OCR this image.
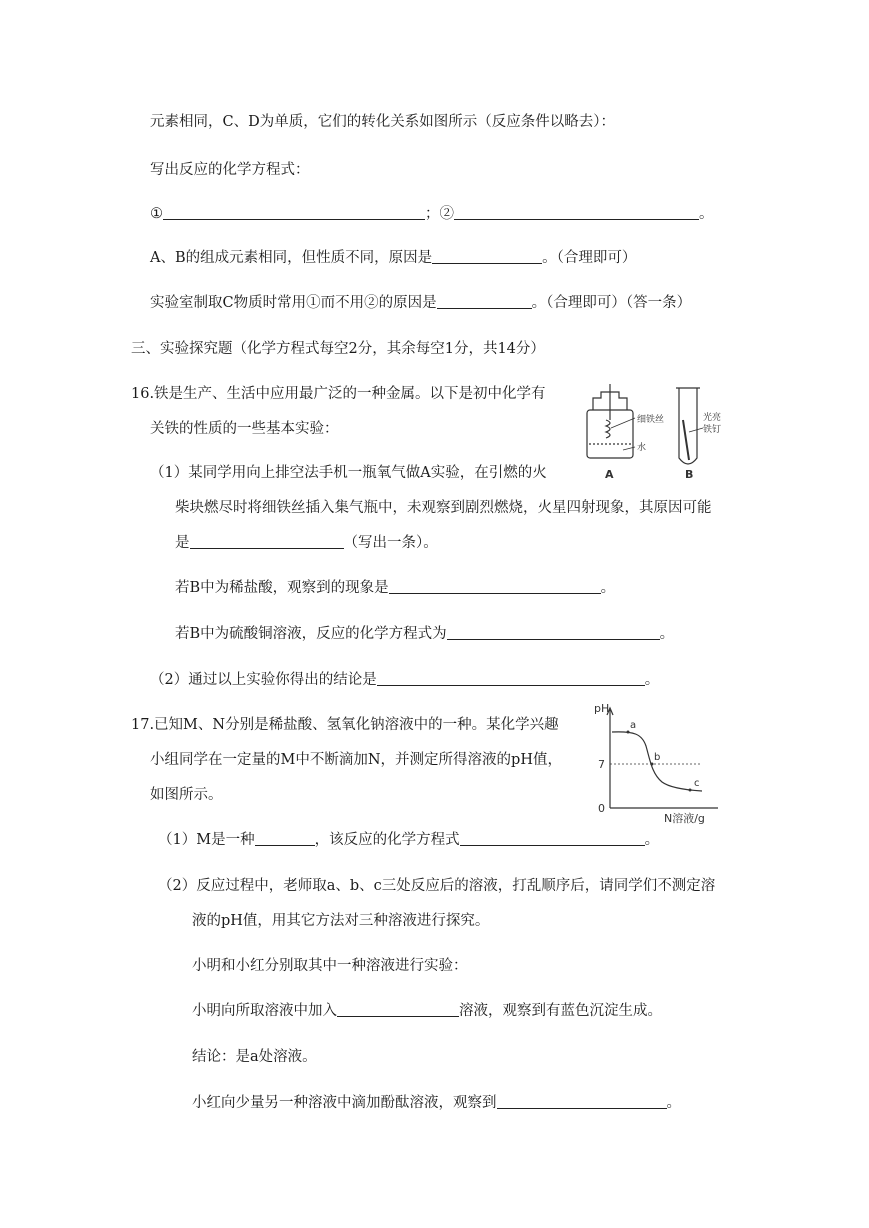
元素相同，C、D为单质，它们的转化关系如图所示（反应条件以略去）：
写出反应的化学方程式：
①	；②	。
A、B的组成元素相同，但性质不同，原因是	。（合理即可）
实验室制取C物质时常用①而不用②的原因是	。（合理即可）（答一条）
三、实验探究题（化学方程式每空2分，其余每空1分，共14分）
16.铁是生产、生活中应用最广泛的一种金属。以下是初中化学有
关铁的性质的一些基本实验：
（1）某同学用向上排空法手机一瓶氧气做A实验，在引燃的火
柴块燃尽时将细铁丝插入集气瓶中，未观察到剧烈燃烧，火星四射现象，其原因可能
是	（写出一条）。
若B中为稀盐酸，观察到的现象是	。
若B中为硫酸铜溶液，反应的化学方程式为	。
（2）通过以上实验你得出的结论是	。
细铁丝
水
A
光亮
铁钉
B
17.已知M、N分别是稀盐酸、氢氧化钠溶液中的一种。某化学兴趣
小组同学在一定量的M中不断滴加N，并测定所得溶液的pH值，
如图所示。
（1）M是一种	，该反应的化学方程式	。
（2）反应过程中，老师取a、b、c三处反应后的溶液，打乱顺序后，请同学们不测定溶
液的pH值，用其它方法对三种溶液进行探究。
小明和小红分别取其中一种溶液进行实验：
小明向所取溶液中加入	溶液，观察到有蓝色沉淀生成。
结论：是a处溶液。
小红向少量另一种溶液中滴加酚酞溶液，观察到	。
pH
7
0
N溶液/g
a
b
c
